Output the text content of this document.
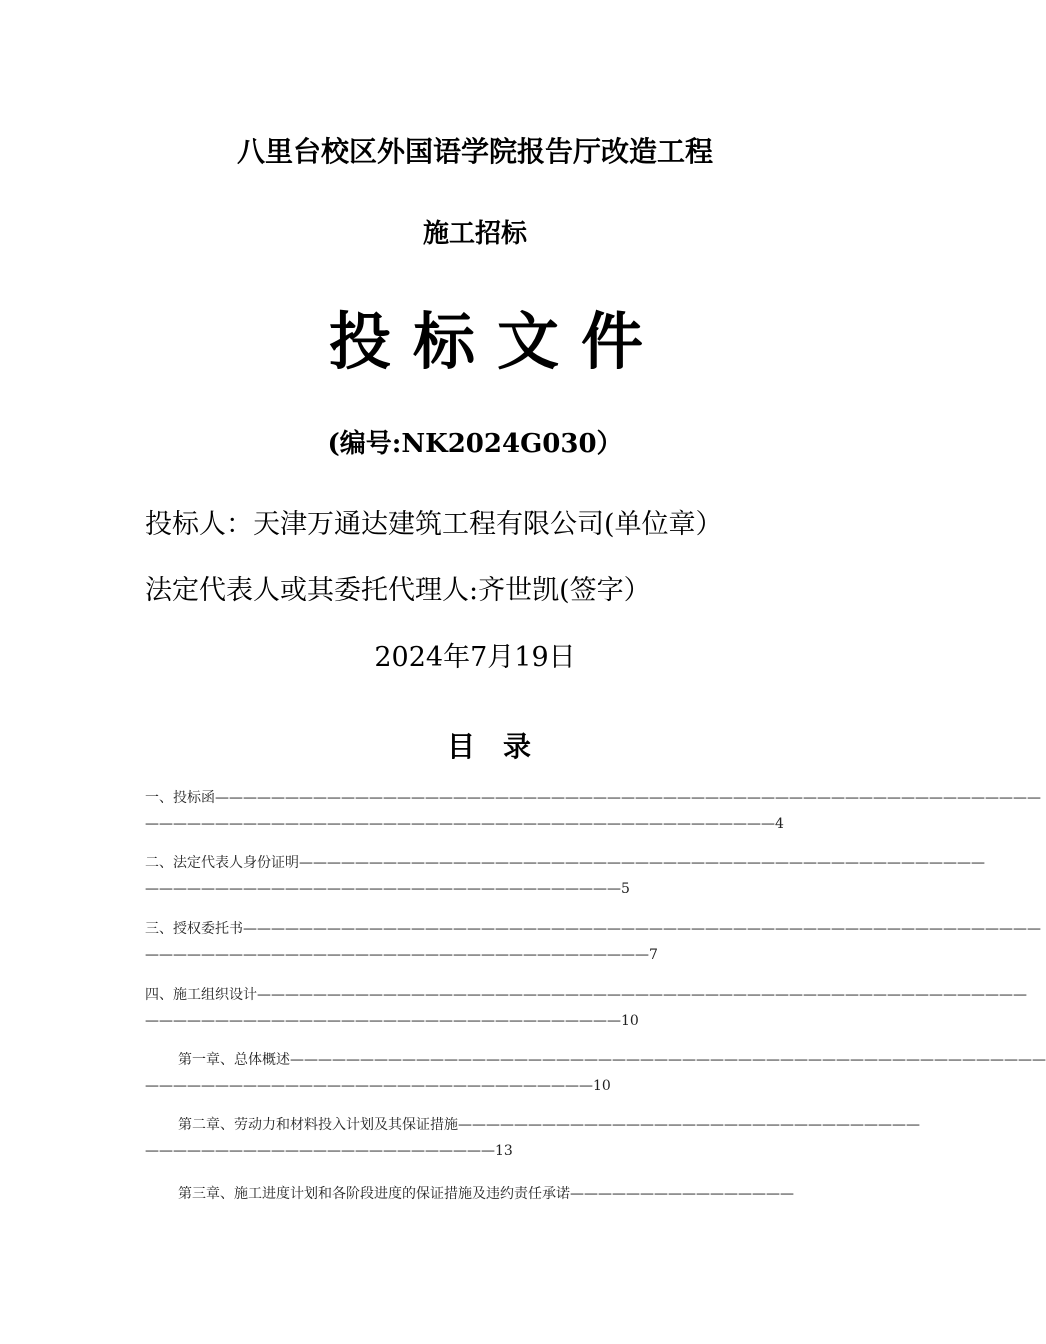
八里台校区外国语学院报告厅改造工程
施工招标
投标文件
(编号:NK2024G030）
投标人：天津万通达建筑工程有限公司(单位章）
法定代表人或其委托代理人:齐世凯(签字）
2024年7月19日
目录
一、投标函———————————————————————————————————————————————————————————
—————————————————————————————————————————————4
二、法定代表人身份证明—————————————————————————————————————————————————
——————————————————————————————————5
三、授权委托书—————————————————————————————————————————————————————————
————————————————————————————————————7
四、施工组织设计———————————————————————————————————————————————————————
——————————————————————————————————10
第一章、总体概述——————————————————————————————————————————————————————
————————————————————————————————10
第二章、劳动力和材料投入计划及其保证措施—————————————————————————————————
—————————————————————————13
第三章、施工进度计划和各阶段进度的保证措施及违约责任承诺————————————————
